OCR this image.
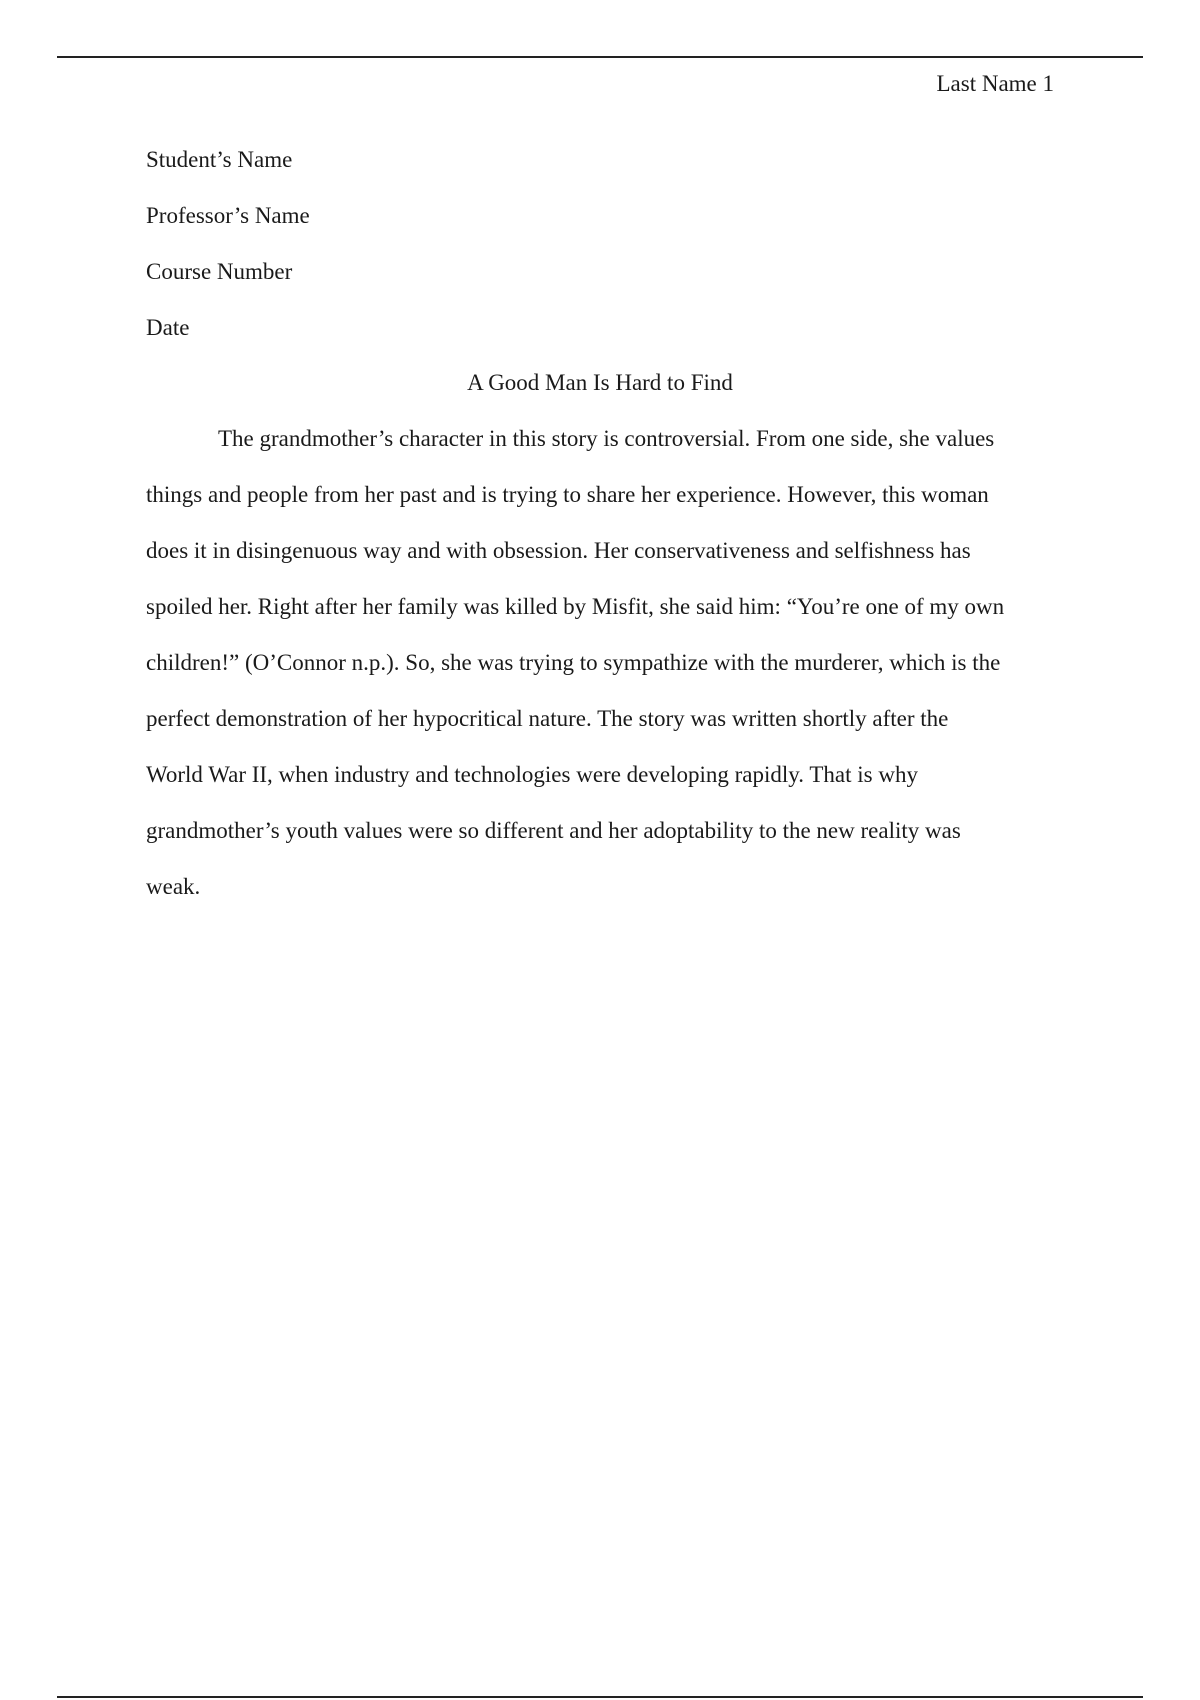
Last Name 1
Student’s Name
Professor’s Name
Course Number
Date
A Good Man Is Hard to Find
The grandmother’s character in this story is controversial. From one side, she values
things and people from her past and is trying to share her experience. However, this woman
does it in disingenuous way and with obsession. Her conservativeness and selfishness has
spoiled her. Right after her family was killed by Misfit, she said him: “You’re one of my own
children!” (O’Connor n.p.). So, she was trying to sympathize with the murderer, which is the
perfect demonstration of her hypocritical nature. The story was written shortly after the
World War II, when industry and technologies were developing rapidly. That is why
grandmother’s youth values were so different and her adoptability to the new reality was
weak.
